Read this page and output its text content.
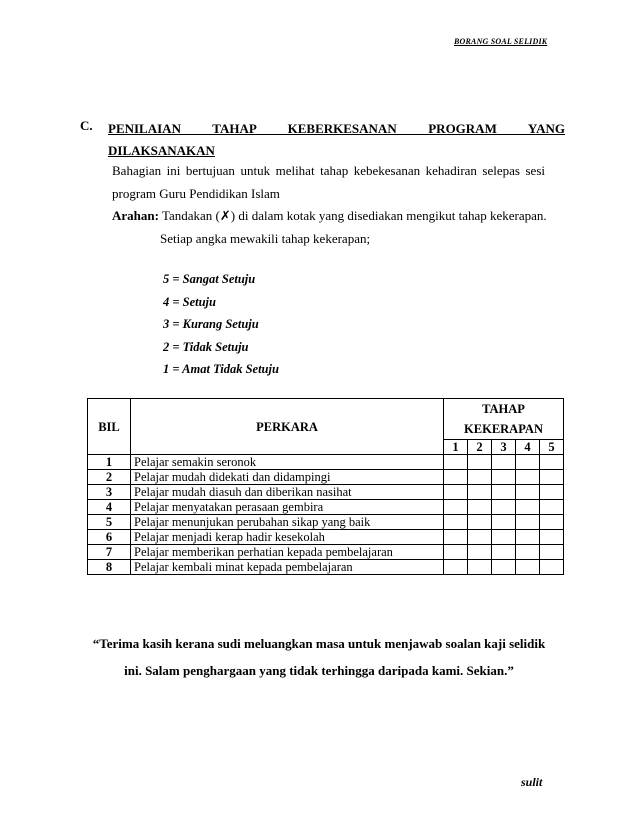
BORANG SOAL SELIDIK
C. PENILAIAN TAHAP KEBERKESANAN PROGRAM YANG
DILAKSANAKAN
Bahagian ini bertujuan untuk melihat tahap kebekesanan kehadiran selepas sesi program Guru Pendidikan Islam
Arahan: Tandakan (✗) di dalam kotak yang disediakan mengikut tahap kekerapan.
Setiap angka mewakili tahap kekerapan;
5 = Sangat Setuju
4 = Setuju
3 = Kurang Setuju
2 = Tidak Setuju
1 = Amat Tidak Setuju
BIL	PERKARA	TAHAP
KEKERAPAN				
		1	2	3	4	5
1	Pelajar semakin seronok					
2	Pelajar mudah didekati dan didampingi					
3	Pelajar mudah diasuh dan diberikan nasihat					
4	Pelajar menyatakan perasaan gembira					
5	Pelajar menunjukan perubahan sikap yang baik					
6	Pelajar menjadi kerap hadir kesekolah					
7	Pelajar memberikan perhatian kepada pembelajaran					
8	Pelajar kembali minat kepada pembelajaran					
“Terima kasih kerana sudi meluangkan masa untuk menjawab soalan kaji selidik
ini. Salam penghargaan yang tidak terhingga daripada kami. Sekian.”
sulit
